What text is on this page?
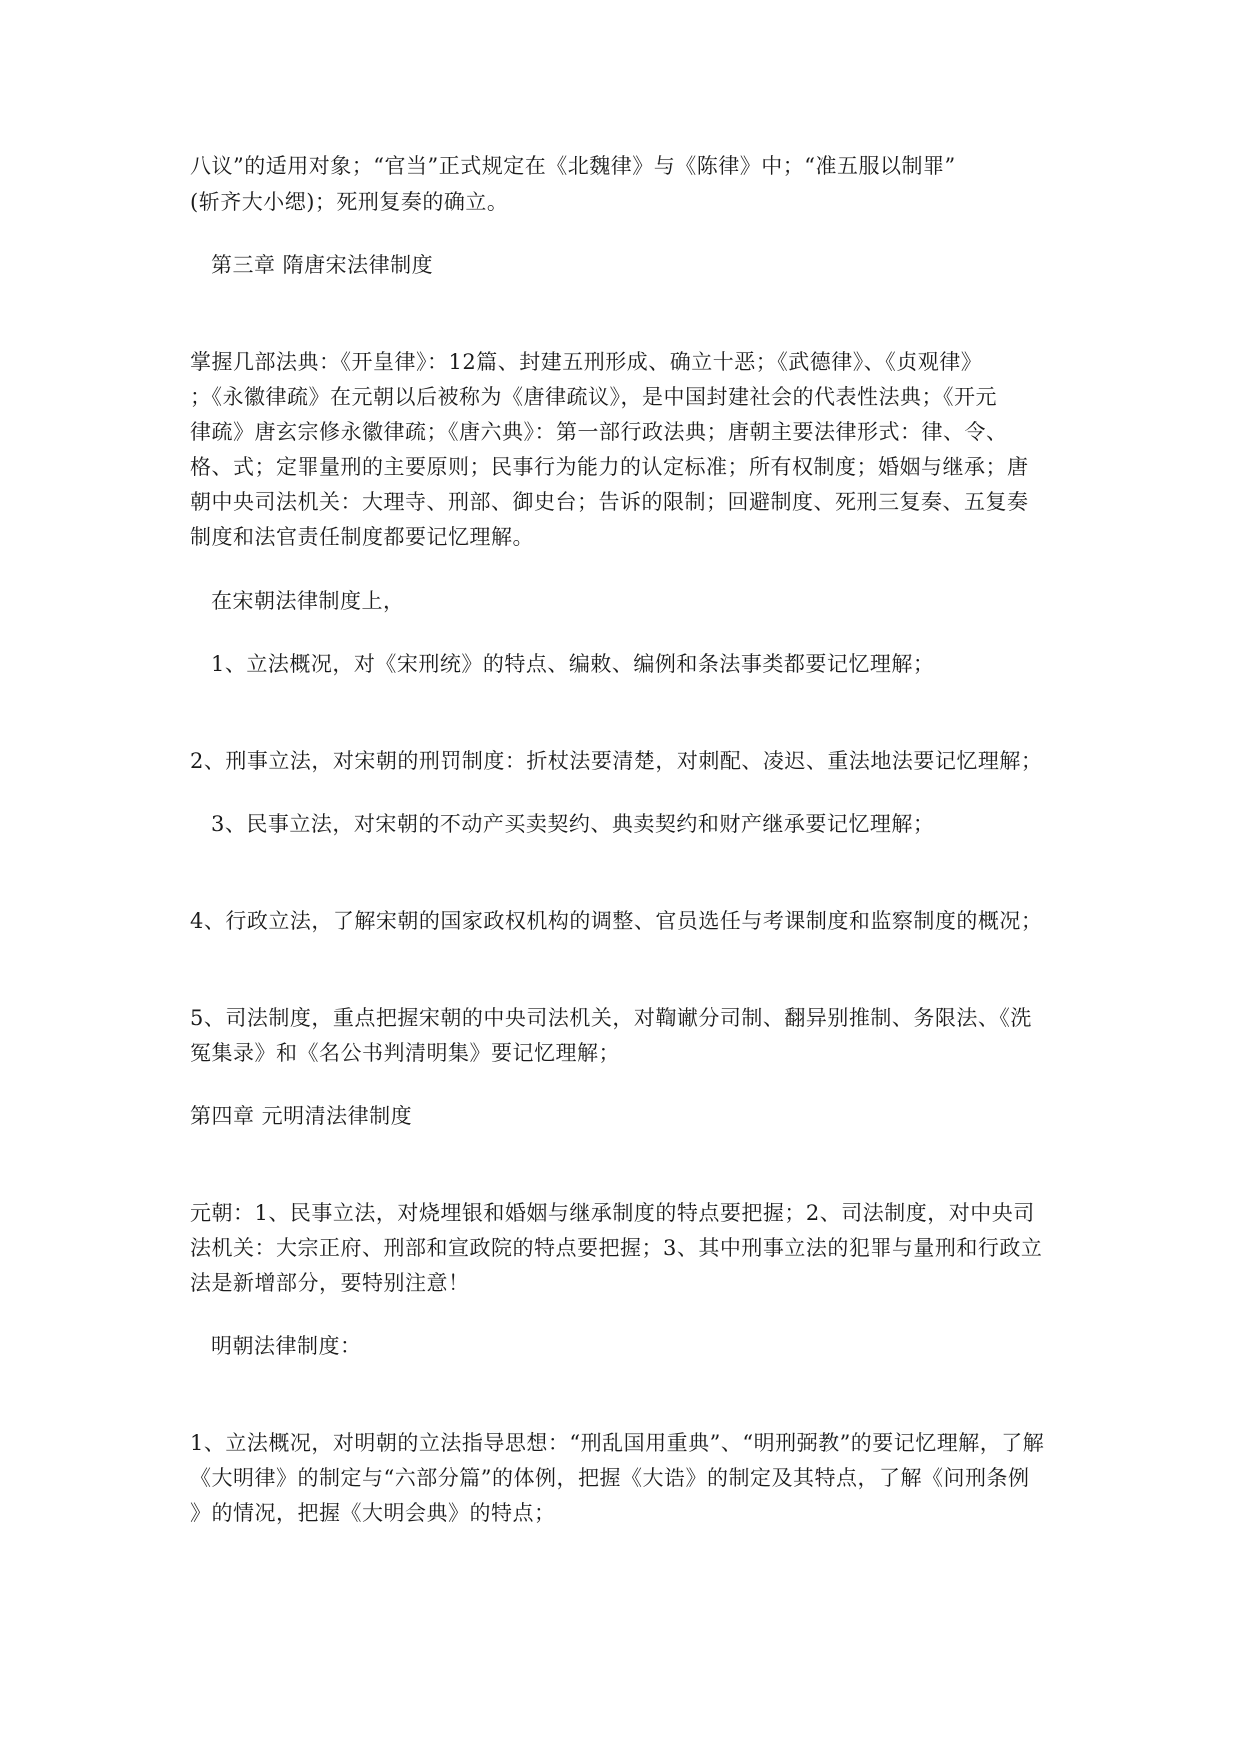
八议”的适用对象；“官当”正式规定在《北魏律》与《陈律》中；“准五服以制罪”
(斩齐大小缌)；死刑复奏的确立。
第三章 隋唐宋法律制度
掌握几部法典：《开皇律》：12篇、封建五刑形成、确立十恶；《武德律》、《贞观律》
；《永徽律疏》在元朝以后被称为《唐律疏议》，是中国封建社会的代表性法典；《开元
律疏》唐玄宗修永徽律疏；《唐六典》：第一部行政法典；唐朝主要法律形式：律、令、
格、式；定罪量刑的主要原则；民事行为能力的认定标准；所有权制度；婚姻与继承；唐
朝中央司法机关：大理寺、刑部、御史台；告诉的限制；回避制度、死刑三复奏、五复奏
制度和法官责任制度都要记忆理解。
在宋朝法律制度上，
1、立法概况，对《宋刑统》的特点、编敕、编例和条法事类都要记忆理解；
2、刑事立法，对宋朝的刑罚制度：折杖法要清楚，对刺配、凌迟、重法地法要记忆理解；
3、民事立法，对宋朝的不动产买卖契约、典卖契约和财产继承要记忆理解；
4、行政立法，了解宋朝的国家政权机构的调整、官员选任与考课制度和监察制度的概况；
5、司法制度，重点把握宋朝的中央司法机关，对鞫谳分司制、翻异别推制、务限法、《洗
冤集录》和《名公书判清明集》要记忆理解；
第四章 元明清法律制度
元朝：1、民事立法，对烧埋银和婚姻与继承制度的特点要把握；2、司法制度，对中央司
法机关：大宗正府、刑部和宣政院的特点要把握；3、其中刑事立法的犯罪与量刑和行政立
法是新增部分，要特别注意！
明朝法律制度：
1、立法概况，对明朝的立法指导思想：“刑乱国用重典”、“明刑弼教”的要记忆理解，了解
《大明律》的制定与“六部分篇”的体例，把握《大诰》的制定及其特点，了解《问刑条例
》的情况，把握《大明会典》的特点；
